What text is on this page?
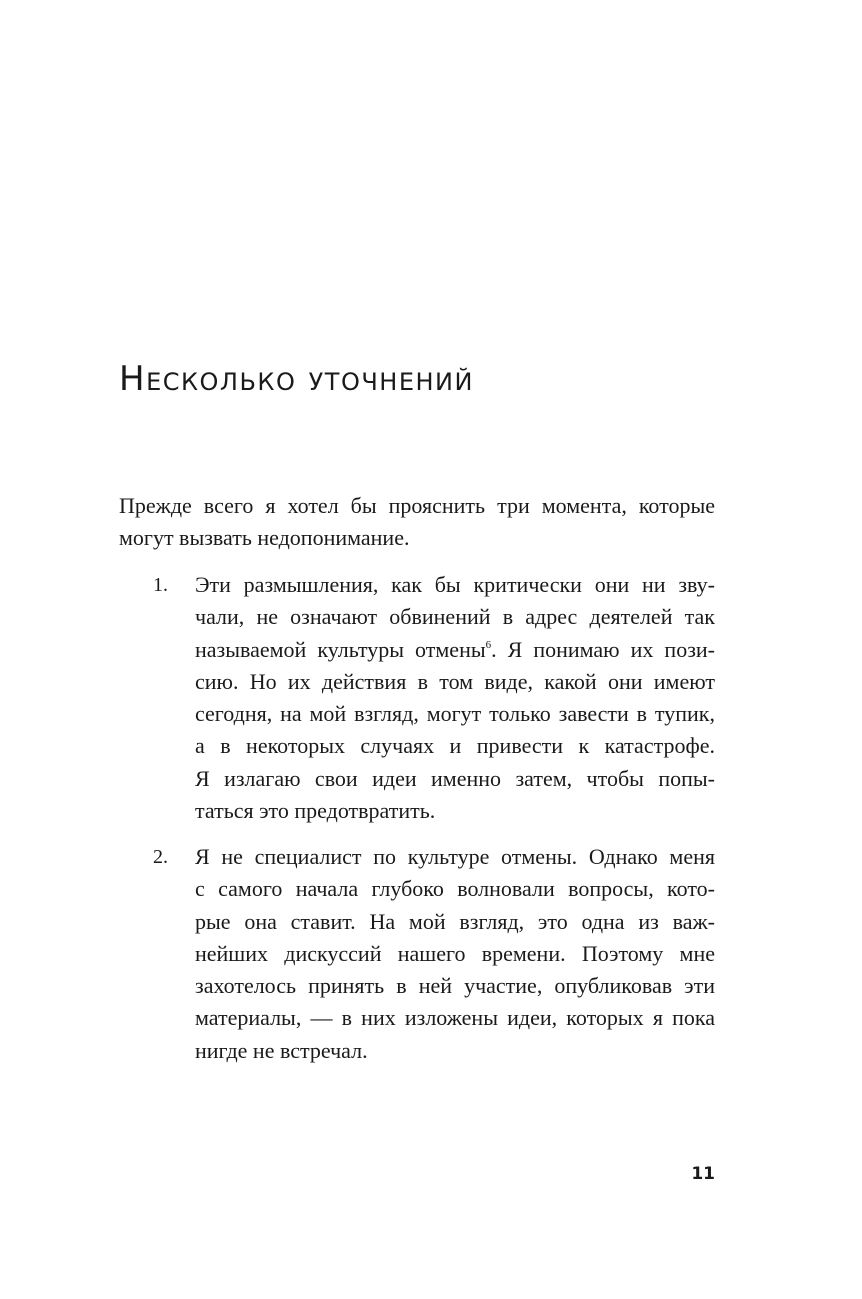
Несколько уточнений

Прежде всего я хотел бы прояснить три момента, которые
могут вызвать недопонимание.

1. Эти размышления, как бы критически они ни зву-
чали, не означают обвинений в адрес деятелей так
называемой культуры отмены$^6$. Я понимаю их пози-
сию. Но их действия в том виде, какой они имеют
сегодня, на мой взгляд, могут только завести в тупик,
а в некоторых случаях и привести к катастрофе.
Я излагаю свои идеи именно затем, чтобы попы-
таться это предотвратить.

2. Я не специалист по культуре отмены. Однако меня
с самого начала глубоко волновали вопросы, кото-
рые она ставит. На мой взгляд, это одна из важ-
нейших дискуссий нашего времени. Поэтому мне
захотелось принять в ней участие, опубликовав эти
материалы, — в них изложены идеи, которых я пока
нигде не встречал.

11
